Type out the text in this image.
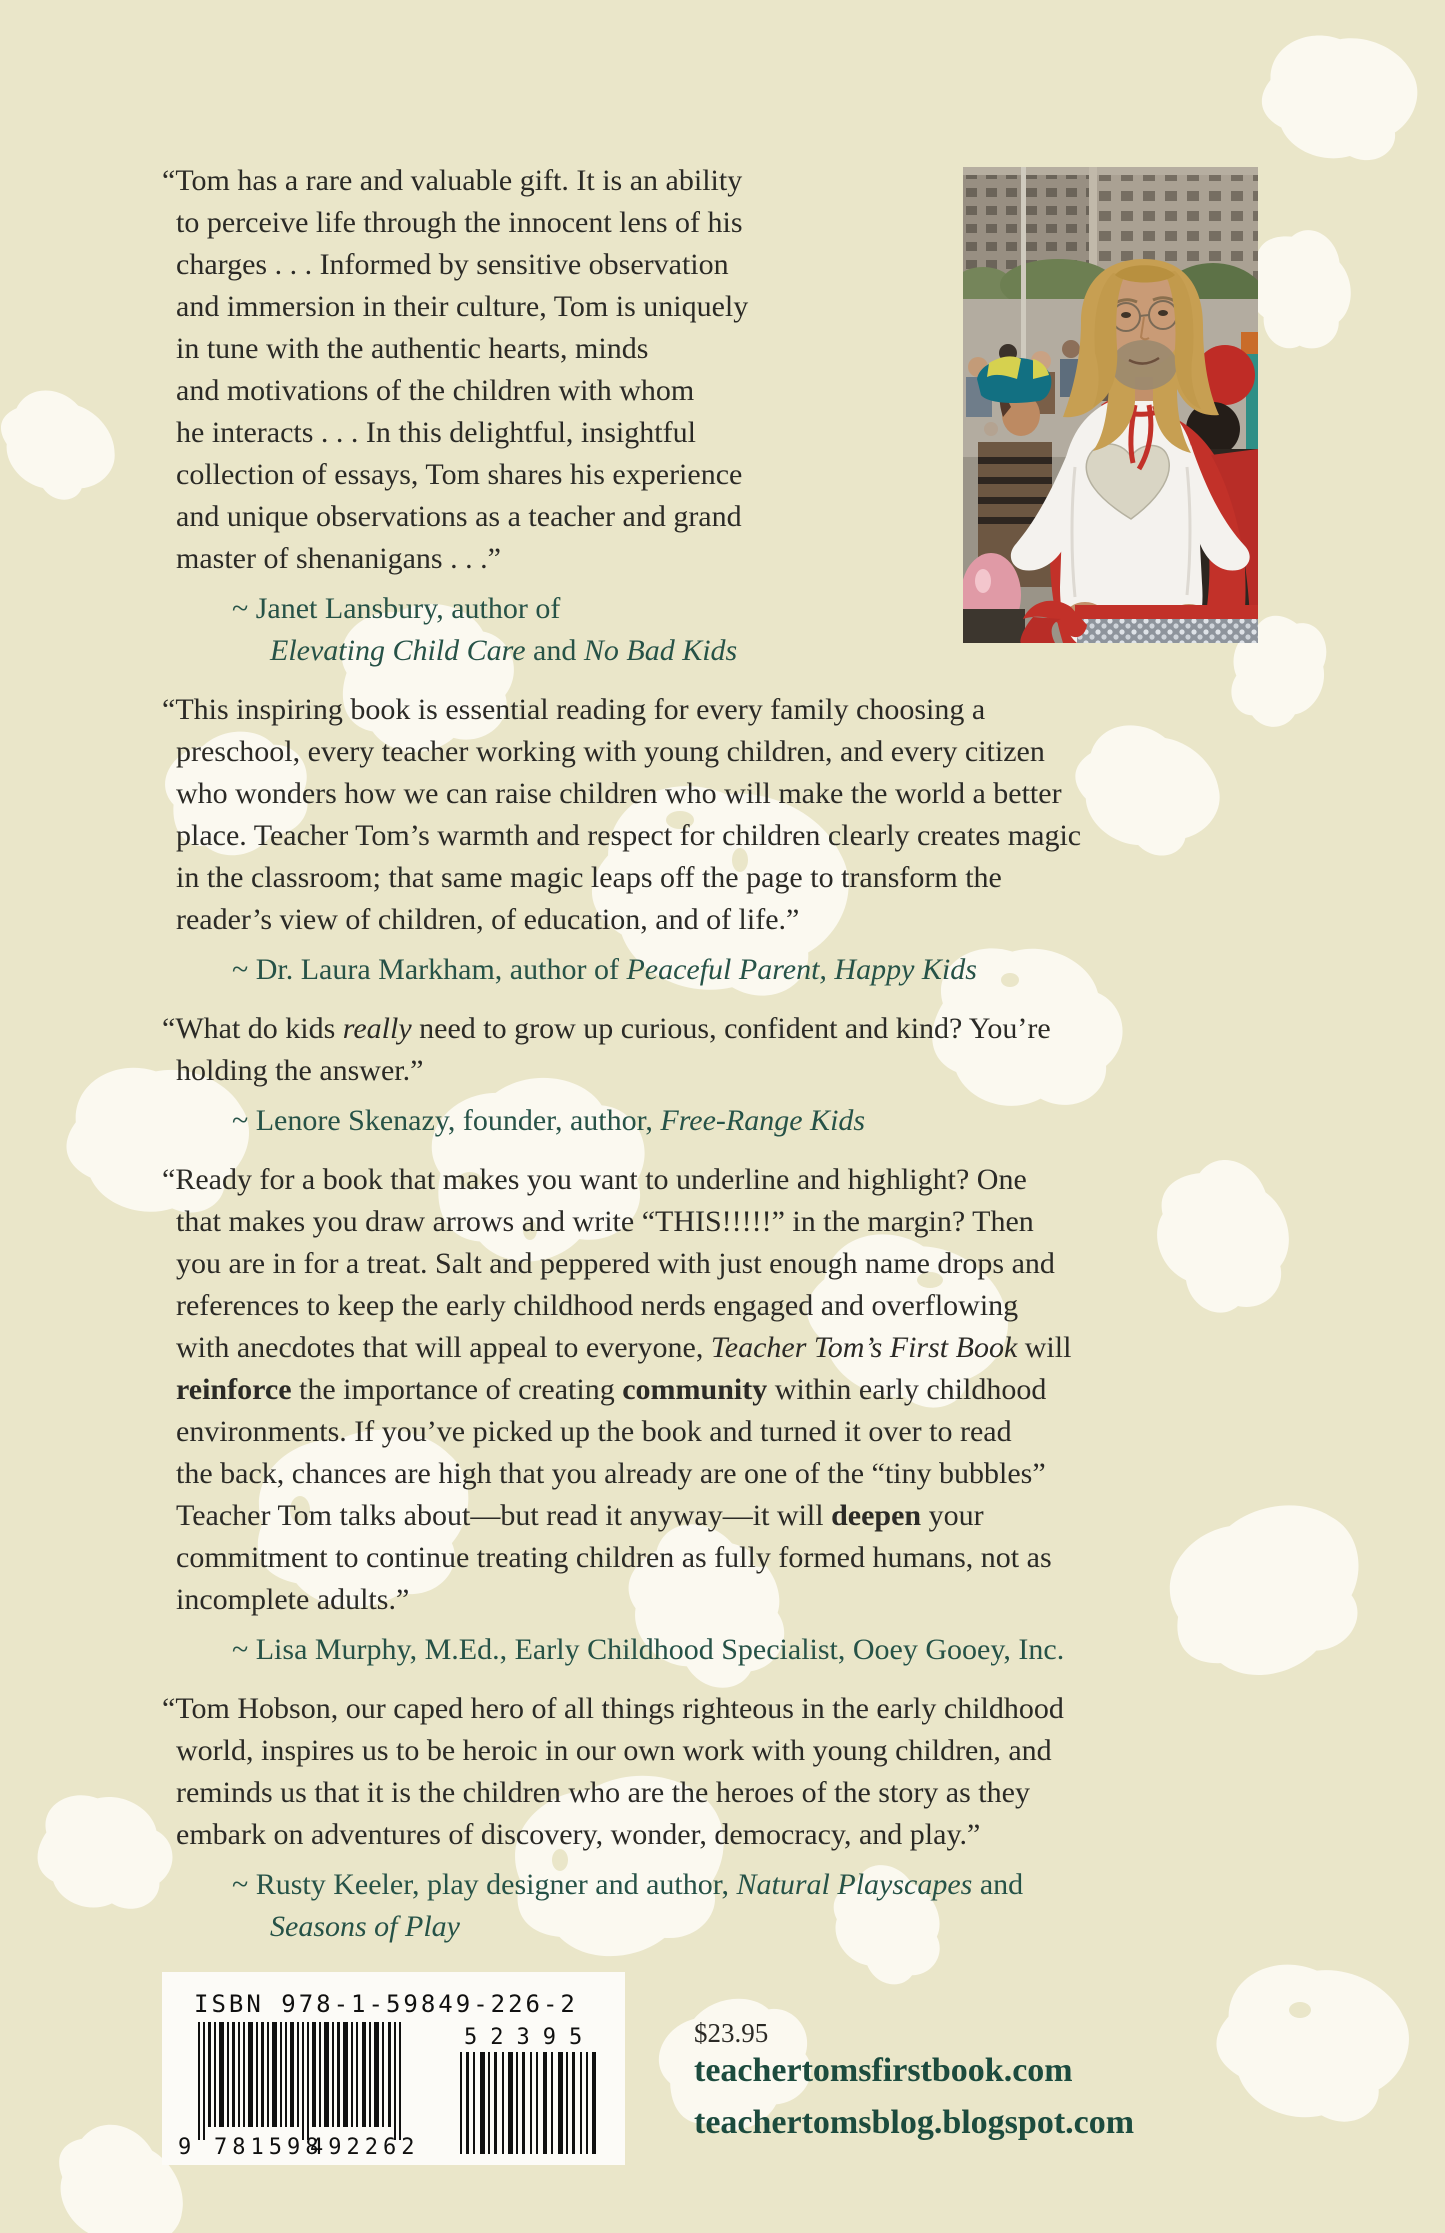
“Tom has a rare and valuable gift. It is an ability
to perceive life through the innocent lens of his
charges . . . Informed by sensitive observation
and immersion in their culture, Tom is uniquely
in tune with the authentic hearts, minds
and motivations of the children with whom
he interacts . . . In this delightful, insightful
collection of essays, Tom shares his experience
and unique observations as a teacher and grand
master of shenanigans . . .”
~ Janet Lansbury, author of
Elevating Child Care and No Bad Kids
“This inspiring book is essential reading for every family choosing a
preschool, every teacher working with young children, and every citizen
who wonders how we can raise children who will make the world a better
place. Teacher Tom’s warmth and respect for children clearly creates magic
in the classroom; that same magic leaps off the page to transform the
reader’s view of children, of education, and of life.”
~ Dr. Laura Markham, author of Peaceful Parent, Happy Kids
“What do kids really need to grow up curious, confident and kind? You’re
holding the answer.”
~ Lenore Skenazy, founder, author, Free-Range Kids
“Ready for a book that makes you want to underline and highlight? One
that makes you draw arrows and write “THIS!!!!!” in the margin? Then
you are in for a treat. Salt and peppered with just enough name drops and
references to keep the early childhood nerds engaged and overflowing
with anecdotes that will appeal to everyone, Teacher Tom’s First Book will
reinforce the importance of creating community within early childhood
environments. If you’ve picked up the book and turned it over to read
the back, chances are high that you already are one of the “tiny bubbles”
Teacher Tom talks about—but read it anyway—it will deepen your
commitment to continue treating children as fully formed humans, not as
incomplete adults.”
~ Lisa Murphy, M.Ed., Early Childhood Specialist, Ooey Gooey, Inc.
“Tom Hobson, our caped hero of all things righteous in the early childhood
world, inspires us to be heroic in our own work with young children, and
reminds us that it is the children who are the heroes of the story as they
embark on adventures of discovery, wonder, democracy, and play.”
~ Rusty Keeler, play designer and author, Natural Playscapes and
Seasons of Play
ISBN 978-1-59849-226-2
9 781598
492262
52395	$23.95
teachertomsfirstbook.com
teachertomsblog.blogspot.com
